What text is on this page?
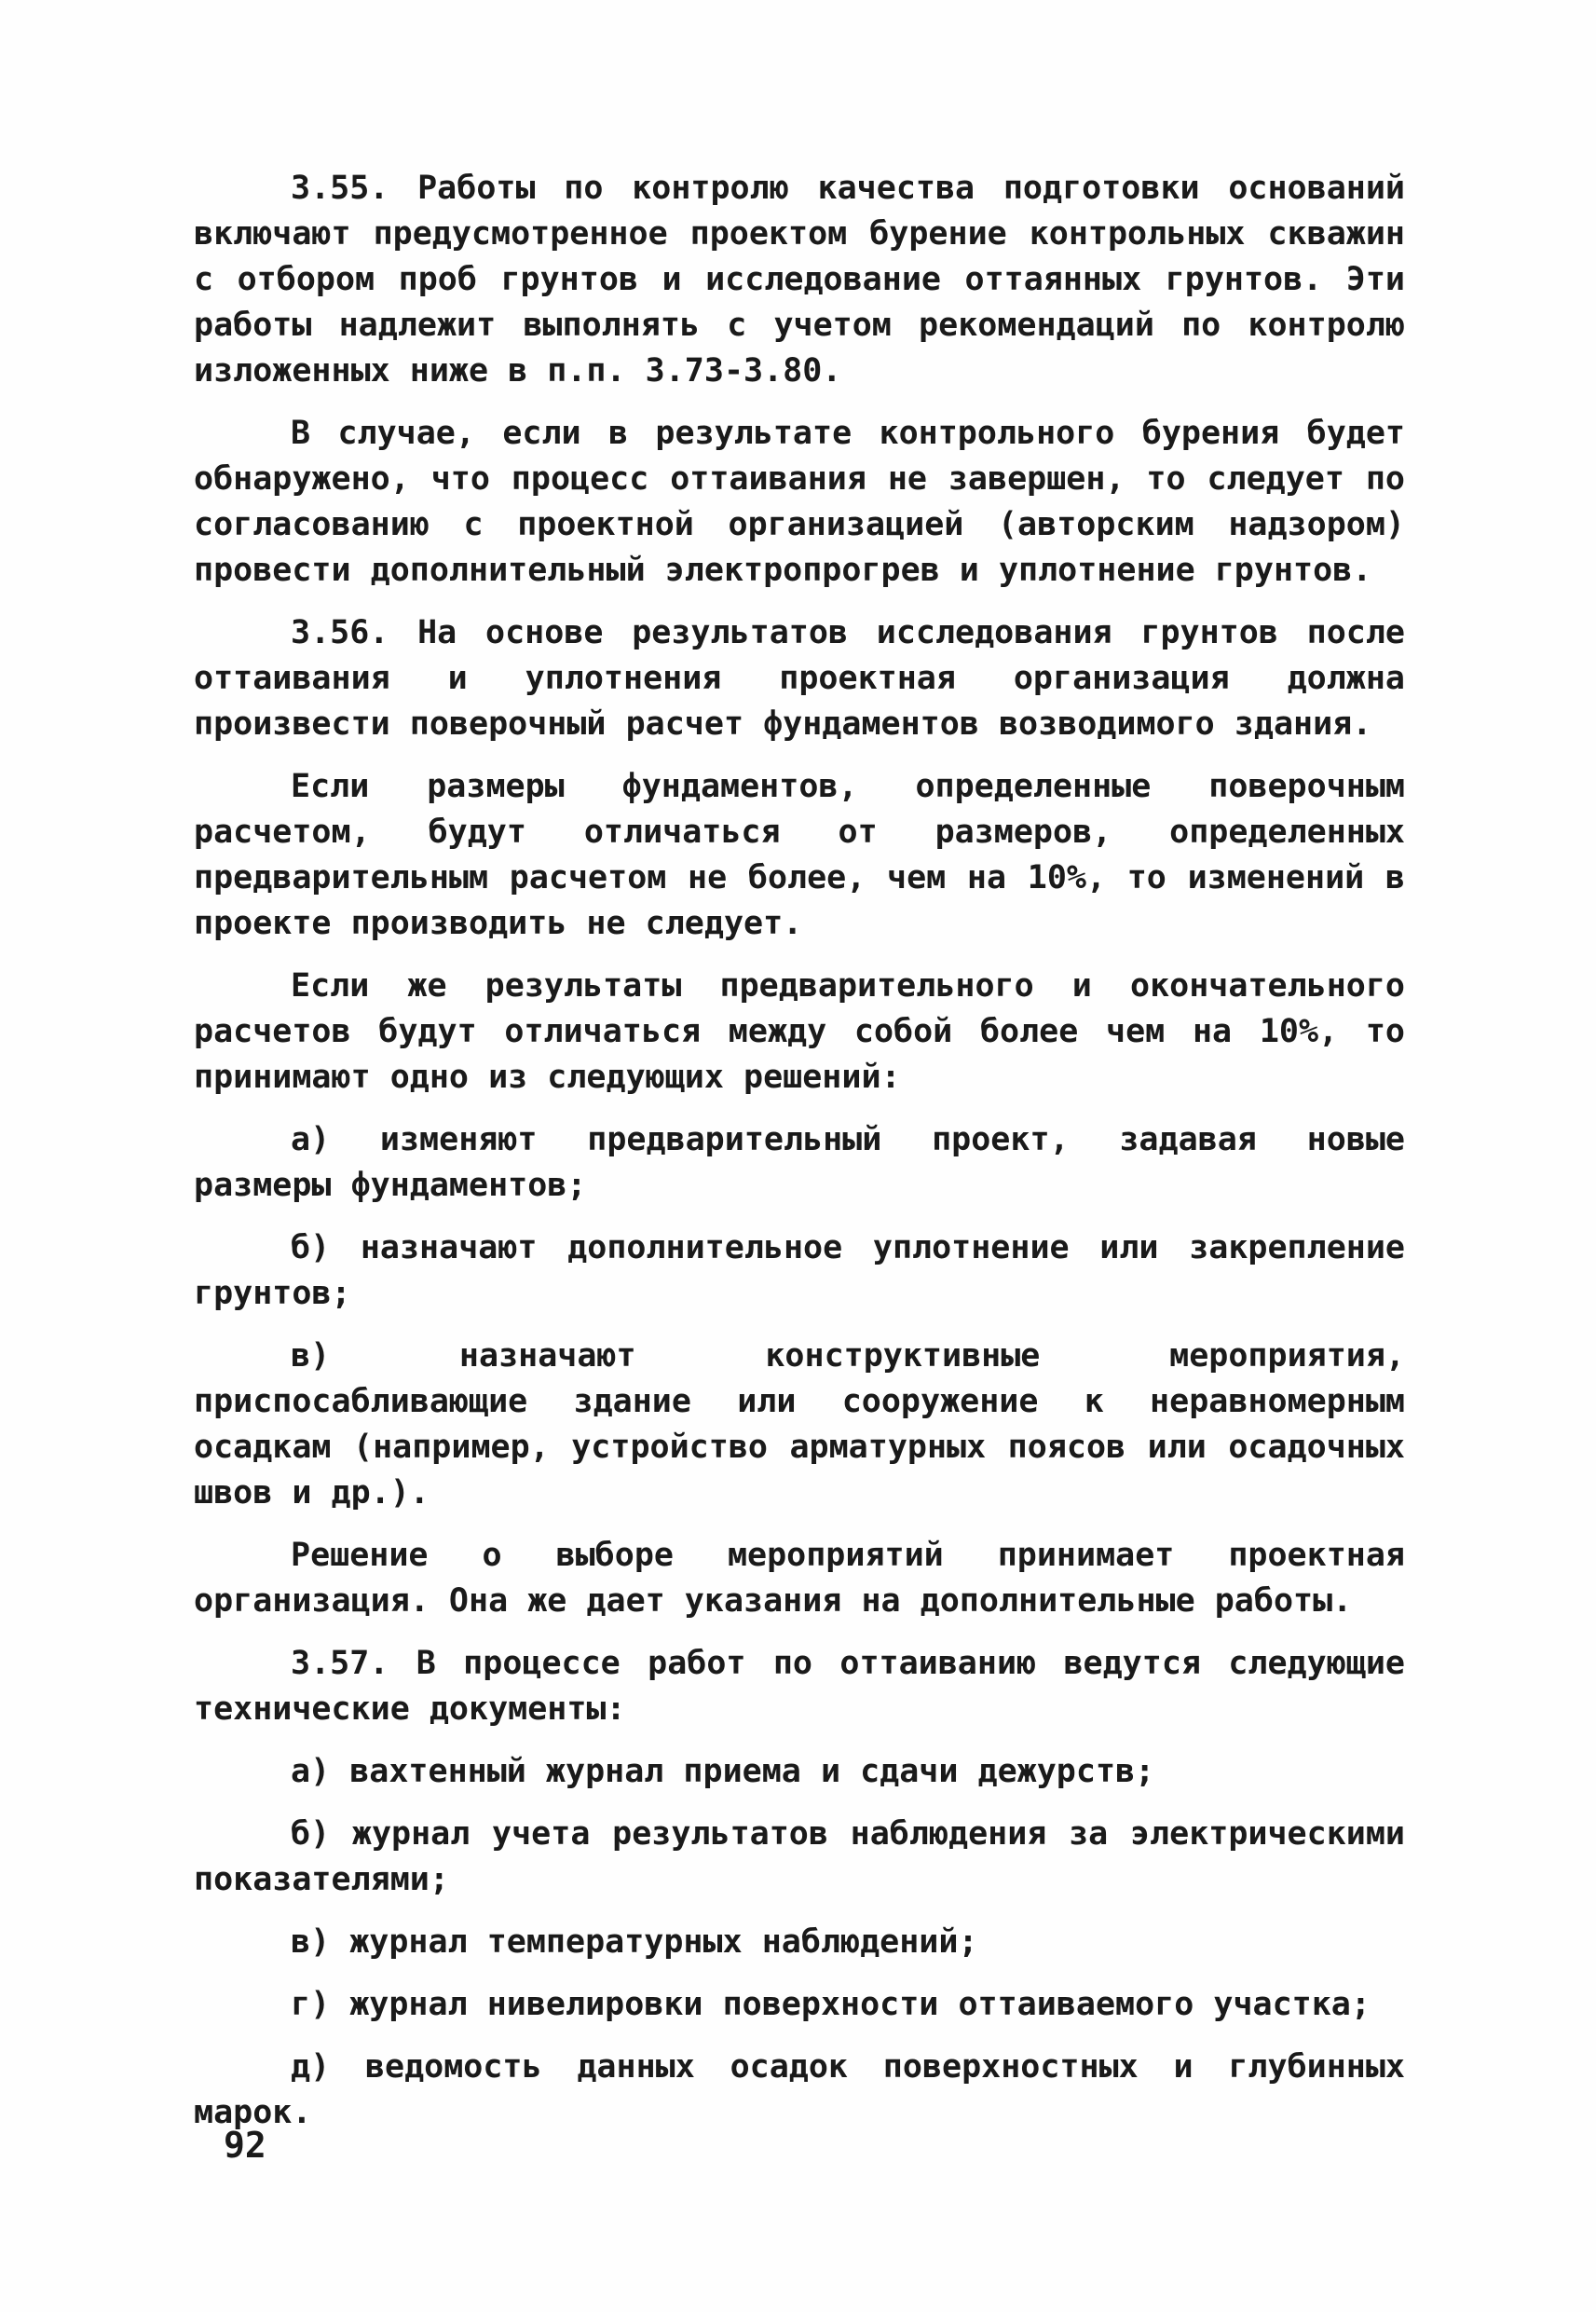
3.55. Работы по контролю качества подготовки оснований включают предусмотренное проектом бурение контрольных скважин с отбором проб грунтов и исследование оттаянных грунтов. Эти работы надлежит выполнять с учетом рекомендаций по контролю изложенных ниже в п.п. 3.73-3.80.

В случае, если в результате контрольного бурения будет обнаружено, что процесс оттаивания не завершен, то следует по согласованию с проектной организацией (авторским надзором) провести дополнительный электропрогрев и уплотнение грунтов.

3.56. На основе результатов исследования грунтов после оттаивания и уплотнения проектная организация должна произвести поверочный расчет фундаментов возводимого здания.

Если размеры фундаментов, определенные поверочным расчетом, будут отличаться от размеров, определенных предварительным расчетом не более, чем на 10%, то изменений в проекте производить не следует.

Если же результаты предварительного и окончательного расчетов будут отличаться между собой более чем на 10%, то принимают одно из следующих решений:

а) изменяют предварительный проект, задавая новые размеры фундаментов;

б) назначают дополнительное уплотнение или закрепление грунтов;

в) назначают конструктивные мероприятия, приспосабливающие здание или сооружение к неравномерным осадкам (например, устройство арматурных поясов или осадочных швов и др.).

Решение о выборе мероприятий принимает проектная организация. Она же дает указания на дополнительные работы.

3.57. В процессе работ по оттаиванию ведутся следующие технические документы:

а) вахтенный журнал приема и сдачи дежурств;

б) журнал учета результатов наблюдения за электрическими показателями;

в) журнал температурных наблюдений;

г) журнал нивелировки поверхности оттаиваемого участка;

д) ведомость данных осадок поверхностных и глубинных марок.

92
